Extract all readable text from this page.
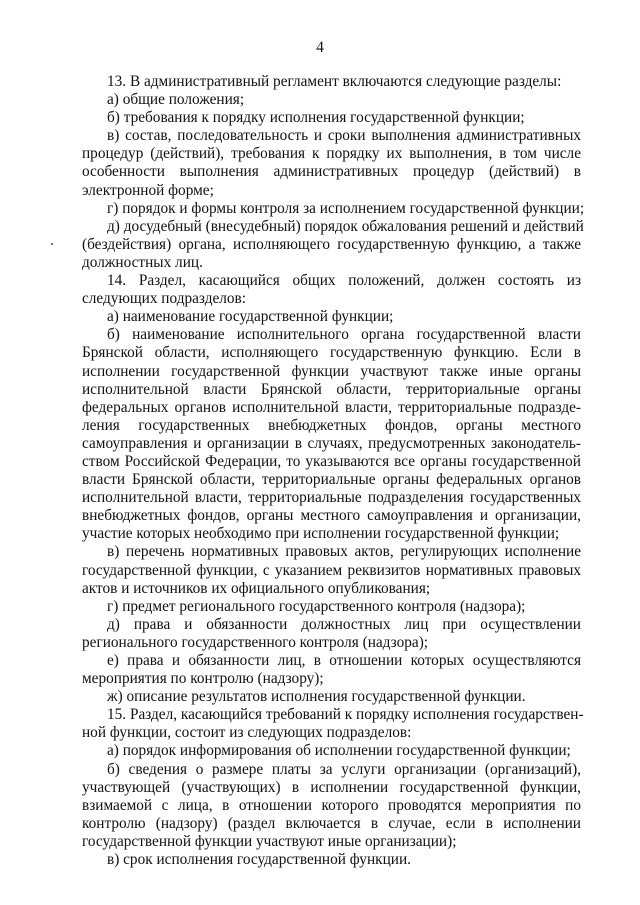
4
13. В административный регламент включаются следующие разделы:
а) общие положения;
б) требования к порядку исполнения государственной функции;
в) состав, последовательность и сроки выполнения административных
процедур (действий), требования к порядку их выполнения, в том числе
особенности выполнения административных процедур (действий) в
электронной форме;
г) порядок и формы контроля за исполнением государственной функции;
д) досудебный (внесудебный) порядок обжалования решений и действий
(бездействия) органа, исполняющего государственную функцию, а также
должностных лиц.
14. Раздел, касающийся общих положений, должен состоять из
следующих подразделов:
а) наименование государственной функции;
б) наименование исполнительного органа государственной власти
Брянской области, исполняющего государственную функцию. Если в
исполнении государственной функции участвуют также иные органы
исполнительной власти Брянской области, территориальные органы
федеральных органов исполнительной власти, территориальные подразде-
ления государственных внебюджетных фондов, органы местного
самоуправления и организации в случаях, предусмотренных законодатель-
ством Российской Федерации, то указываются все органы государственной
власти Брянской области, территориальные органы федеральных органов
исполнительной власти, территориальные подразделения государственных
внебюджетных фондов, органы местного самоуправления и организации,
участие которых необходимо при исполнении государственной функции;
в) перечень нормативных правовых актов, регулирующих исполнение
государственной функции, с указанием реквизитов нормативных правовых
актов и источников их официального опубликования;
г) предмет регионального государственного контроля (надзора);
д) права и обязанности должностных лиц при осуществлении
регионального государственного контроля (надзора);
е) права и обязанности лиц, в отношении которых осуществляются
мероприятия по контролю (надзору);
ж) описание результатов исполнения государственной функции.
15. Раздел, касающийся требований к порядку исполнения государствен-
ной функции, состоит из следующих подразделов:
а) порядок информирования об исполнении государственной функции;
б) сведения о размере платы за услуги организации (организаций),
участвующей (участвующих) в исполнении государственной функции,
взимаемой с лица, в отношении которого проводятся мероприятия по
контролю (надзору) (раздел включается в случае, если в исполнении
государственной функции участвуют иные организации);
в) срок исполнения государственной функции.
